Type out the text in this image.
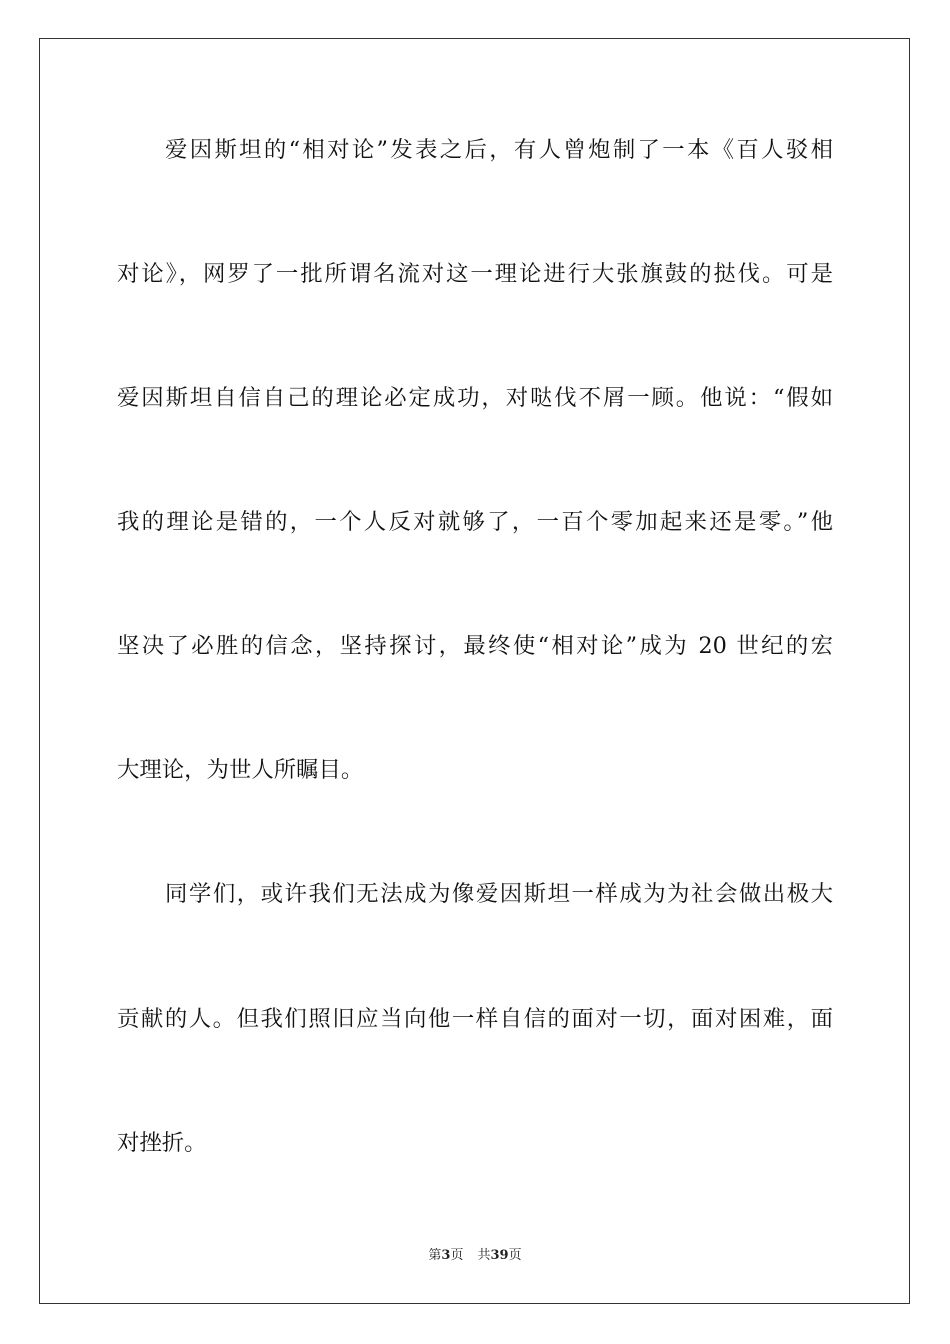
爱因斯坦的“相对论”发表之后，有人曾炮制了一本《百人驳相
对论》，网罗了一批所谓名流对这一理论进行大张旗鼓的挞伐。可是
爱因斯坦自信自己的理论必定成功，对哒伐不屑一顾。他说：“假如
我的理论是错的，一个人反对就够了，一百个零加起来还是零。”他
坚决了必胜的信念，坚持探讨，最终使“相对论”成为 20 世纪的宏
大理论，为世人所瞩目。
同学们，或许我们无法成为像爱因斯坦一样成为为社会做出极大
贡献的人。但我们照旧应当向他一样自信的面对一切，面对困难，面
对挫折。
第3页 共39页
